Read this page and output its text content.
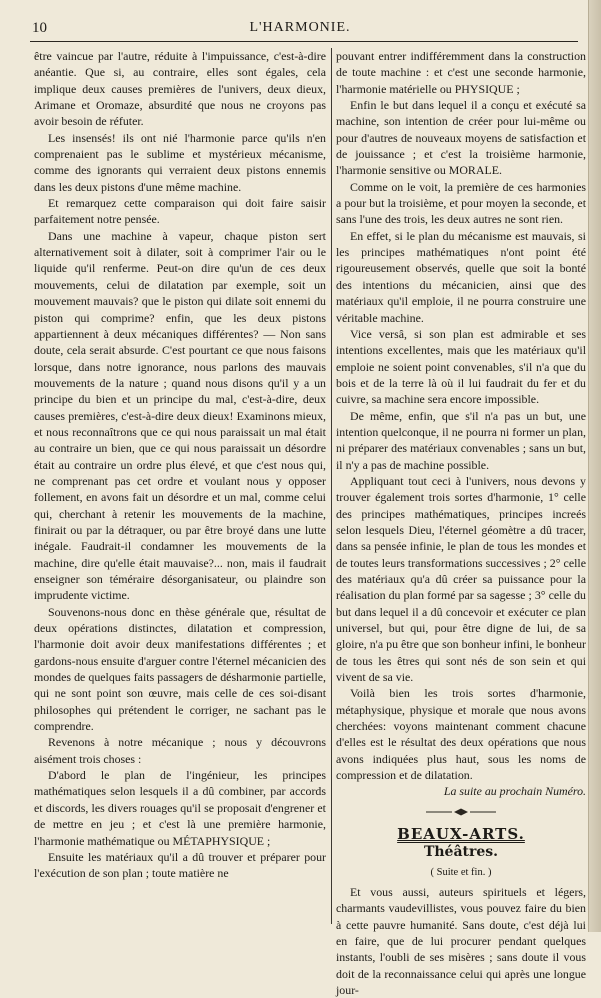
10	L'HARMONIE.

être vaincue par l'autre, réduite à l'impuissance, c'est-à-dire anéantie. Que si, au contraire, elles sont égales, cela implique deux causes premières de l'univers, deux dieux, Arimane et Oromaze, absurdité que nous ne croyons pas avoir besoin de réfuter.

Les insensés! ils ont nié l'harmonie parce qu'ils n'en comprenaient pas le sublime et mystérieux mécanisme, comme des ignorants qui verraient deux pistons ennemis dans les deux pistons d'une même machine.

Et remarquez cette comparaison qui doit faire saisir parfaitement notre pensée.

Dans une machine à vapeur, chaque piston sert alternativement soit à dilater, soit à comprimer l'air ou le liquide qu'il renferme. Peut-on dire qu'un de ces deux mouvements, celui de dilatation par exemple, soit un mouvement mauvais? que le piston qui dilate soit ennemi du piston qui comprime? enfin, que les deux pistons appartiennent à deux mécaniques différentes? — Non sans doute, cela serait absurde. C'est pourtant ce que nous faisons lorsque, dans notre ignorance, nous parlons des mauvais mouvements de la nature ; quand nous disons qu'il y a un principe du bien et un principe du mal, c'est-à-dire, deux causes premières, c'est-à-dire deux dieux! Examinons mieux, et nous reconnaîtrons que ce qui nous paraissait un mal était au contraire un bien, que ce qui nous paraissait un désordre était au contraire un ordre plus élevé, et que c'est nous qui, ne comprenant pas cet ordre et voulant nous y opposer follement, en avons fait un désordre et un mal, comme celui qui, cherchant à retenir les mouvements de la machine, finirait ou par la détraquer, ou par être broyé dans une lutte inégale. Faudrait-il condamner les mouvements de la machine, dire qu'elle était mauvaise?... non, mais il faudrait enseigner son téméraire désorganisateur, ou plaindre son imprudente victime.

Souvenons-nous donc en thèse générale que, résultat de deux opérations distinctes, dilatation et compression, l'harmonie doit avoir deux manifestations différentes ; et gardons-nous ensuite d'arguer contre l'éternel mécanicien des mondes de quelques faits passagers de désharmonie partielle, qui ne sont point son œuvre, mais celle de ces soi-disant philosophes qui prétendent le corriger, ne sachant pas le comprendre.

Revenons à notre mécanique ; nous y découvrons aisément trois choses :

D'abord le plan de l'ingénieur, les principes mathématiques selon lesquels il a dû combiner, par accords et discords, les divers rouages qu'il se proposait d'engrener et de mettre en jeu ; et c'est là une première harmonie, l'harmonie mathématique ou MÉTAPHYSIQUE ;

Ensuite les matériaux qu'il a dû trouver et préparer pour l'exécution de son plan ; toute matière ne

pouvant entrer indifféremment dans la construction de toute machine : et c'est une seconde harmonie, l'harmonie matérielle ou PHYSIQUE ;

Enfin le but dans lequel il a conçu et exécuté sa machine, son intention de créer pour lui-même ou pour d'autres de nouveaux moyens de satisfaction et de jouissance ; et c'est la troisième harmonie, l'harmonie sensitive ou MORALE.

Comme on le voit, la première de ces harmonies a pour but la troisième, et pour moyen la seconde, et sans l'une des trois, les deux autres ne sont rien.

En effet, si le plan du mécanisme est mauvais, si les principes mathématiques n'ont point été rigoureusement observés, quelle que soit la bonté des intentions du mécanicien, ainsi que des matériaux qu'il emploie, il ne pourra construire une véritable machine.

Vice versâ, si son plan est admirable et ses intentions excellentes, mais que les matériaux qu'il emploie ne soient point convenables, s'il n'a que du bois et de la terre là où il lui faudrait du fer et du cuivre, sa machine sera encore impossible.

De même, enfin, que s'il n'a pas un but, une intention quelconque, il ne pourra ni former un plan, ni préparer des matériaux convenables ; sans un but, il n'y a pas de machine possible.

Appliquant tout ceci à l'univers, nous devons y trouver également trois sortes d'harmonie, 1° celle des principes mathématiques, principes increés selon lesquels Dieu, l'éternel géomètre a dû tracer, dans sa pensée infinie, le plan de tous les mondes et de toutes leurs transformations successives ; 2° celle des matériaux qu'a dû créer sa puissance pour la réalisation du plan formé par sa sagesse ; 3° celle du but dans lequel il a dû concevoir et exécuter ce plan universel, but qui, pour être digne de lui, de sa gloire, n'a pu être que son bonheur infini, le bonheur de tous les êtres qui sont nés de son sein et qui vivent de sa vie.

Voilà bien les trois sortes d'harmonie, métaphysique, physique et morale que nous avons cherchées: voyons maintenant comment chacune d'elles est le résultat des deux opérations que nous avons indiquées plus haut, sous les noms de compression et de dilatation.

La suite au prochain Numéro.
BEAUX-ARTS.
Théâtres.
( Suite et fin. )

Et vous aussi, auteurs spirituels et légers, charmants vaudevillistes, vous pouvez faire du bien à cette pauvre humanité. Sans doute, c'est déjà lui en faire, que de lui procurer pendant quelques instants, l'oubli de ses misères ; sans doute il vous doit de la reconnaissance celui qui après une longue jour-
